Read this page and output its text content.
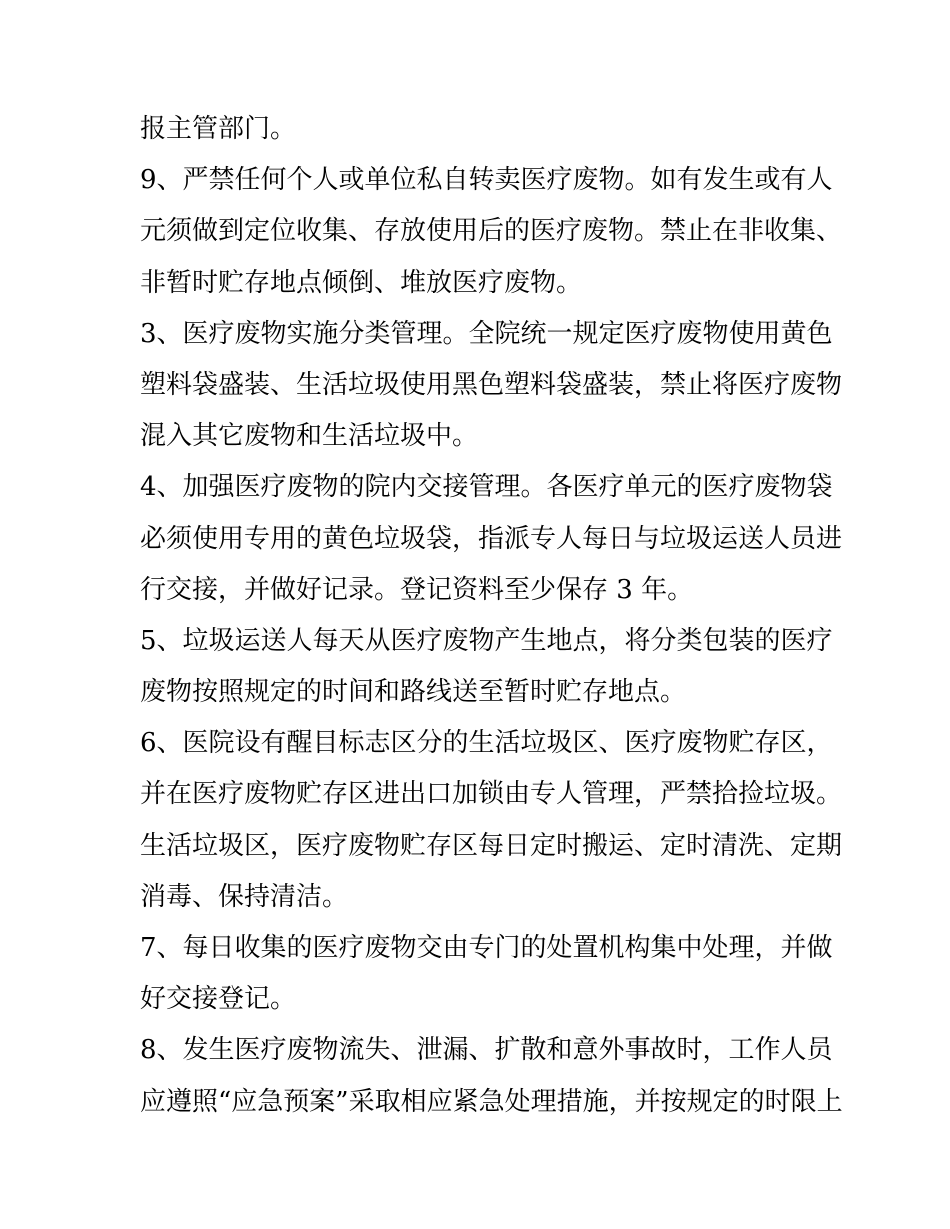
报主管部门。
9、严禁任何个人或单位私自转卖医疗废物。如有发生或有人
元须做到定位收集、存放使用后的医疗废物。禁止在非收集、
非暂时贮存地点倾倒、堆放医疗废物。
3、医疗废物实施分类管理。全院统一规定医疗废物使用黄色
塑料袋盛装、生活垃圾使用黑色塑料袋盛装，禁止将医疗废物
混入其它废物和生活垃圾中。
4、加强医疗废物的院内交接管理。各医疗单元的医疗废物袋
必须使用专用的黄色垃圾袋，指派专人每日与垃圾运送人员进
行交接，并做好记录。登记资料至少保存 3 年。
5、垃圾运送人每天从医疗废物产生地点，将分类包装的医疗
废物按照规定的时间和路线送至暂时贮存地点。
6、医院设有醒目标志区分的生活垃圾区、医疗废物贮存区，
并在医疗废物贮存区进出口加锁由专人管理，严禁拾捡垃圾。
生活垃圾区，医疗废物贮存区每日定时搬运、定时清洗、定期
消毒、保持清洁。
7、每日收集的医疗废物交由专门的处置机构集中处理，并做
好交接登记。
8、发生医疗废物流失、泄漏、扩散和意外事故时，工作人员
应遵照“应急预案”采取相应紧急处理措施，并按规定的时限上
